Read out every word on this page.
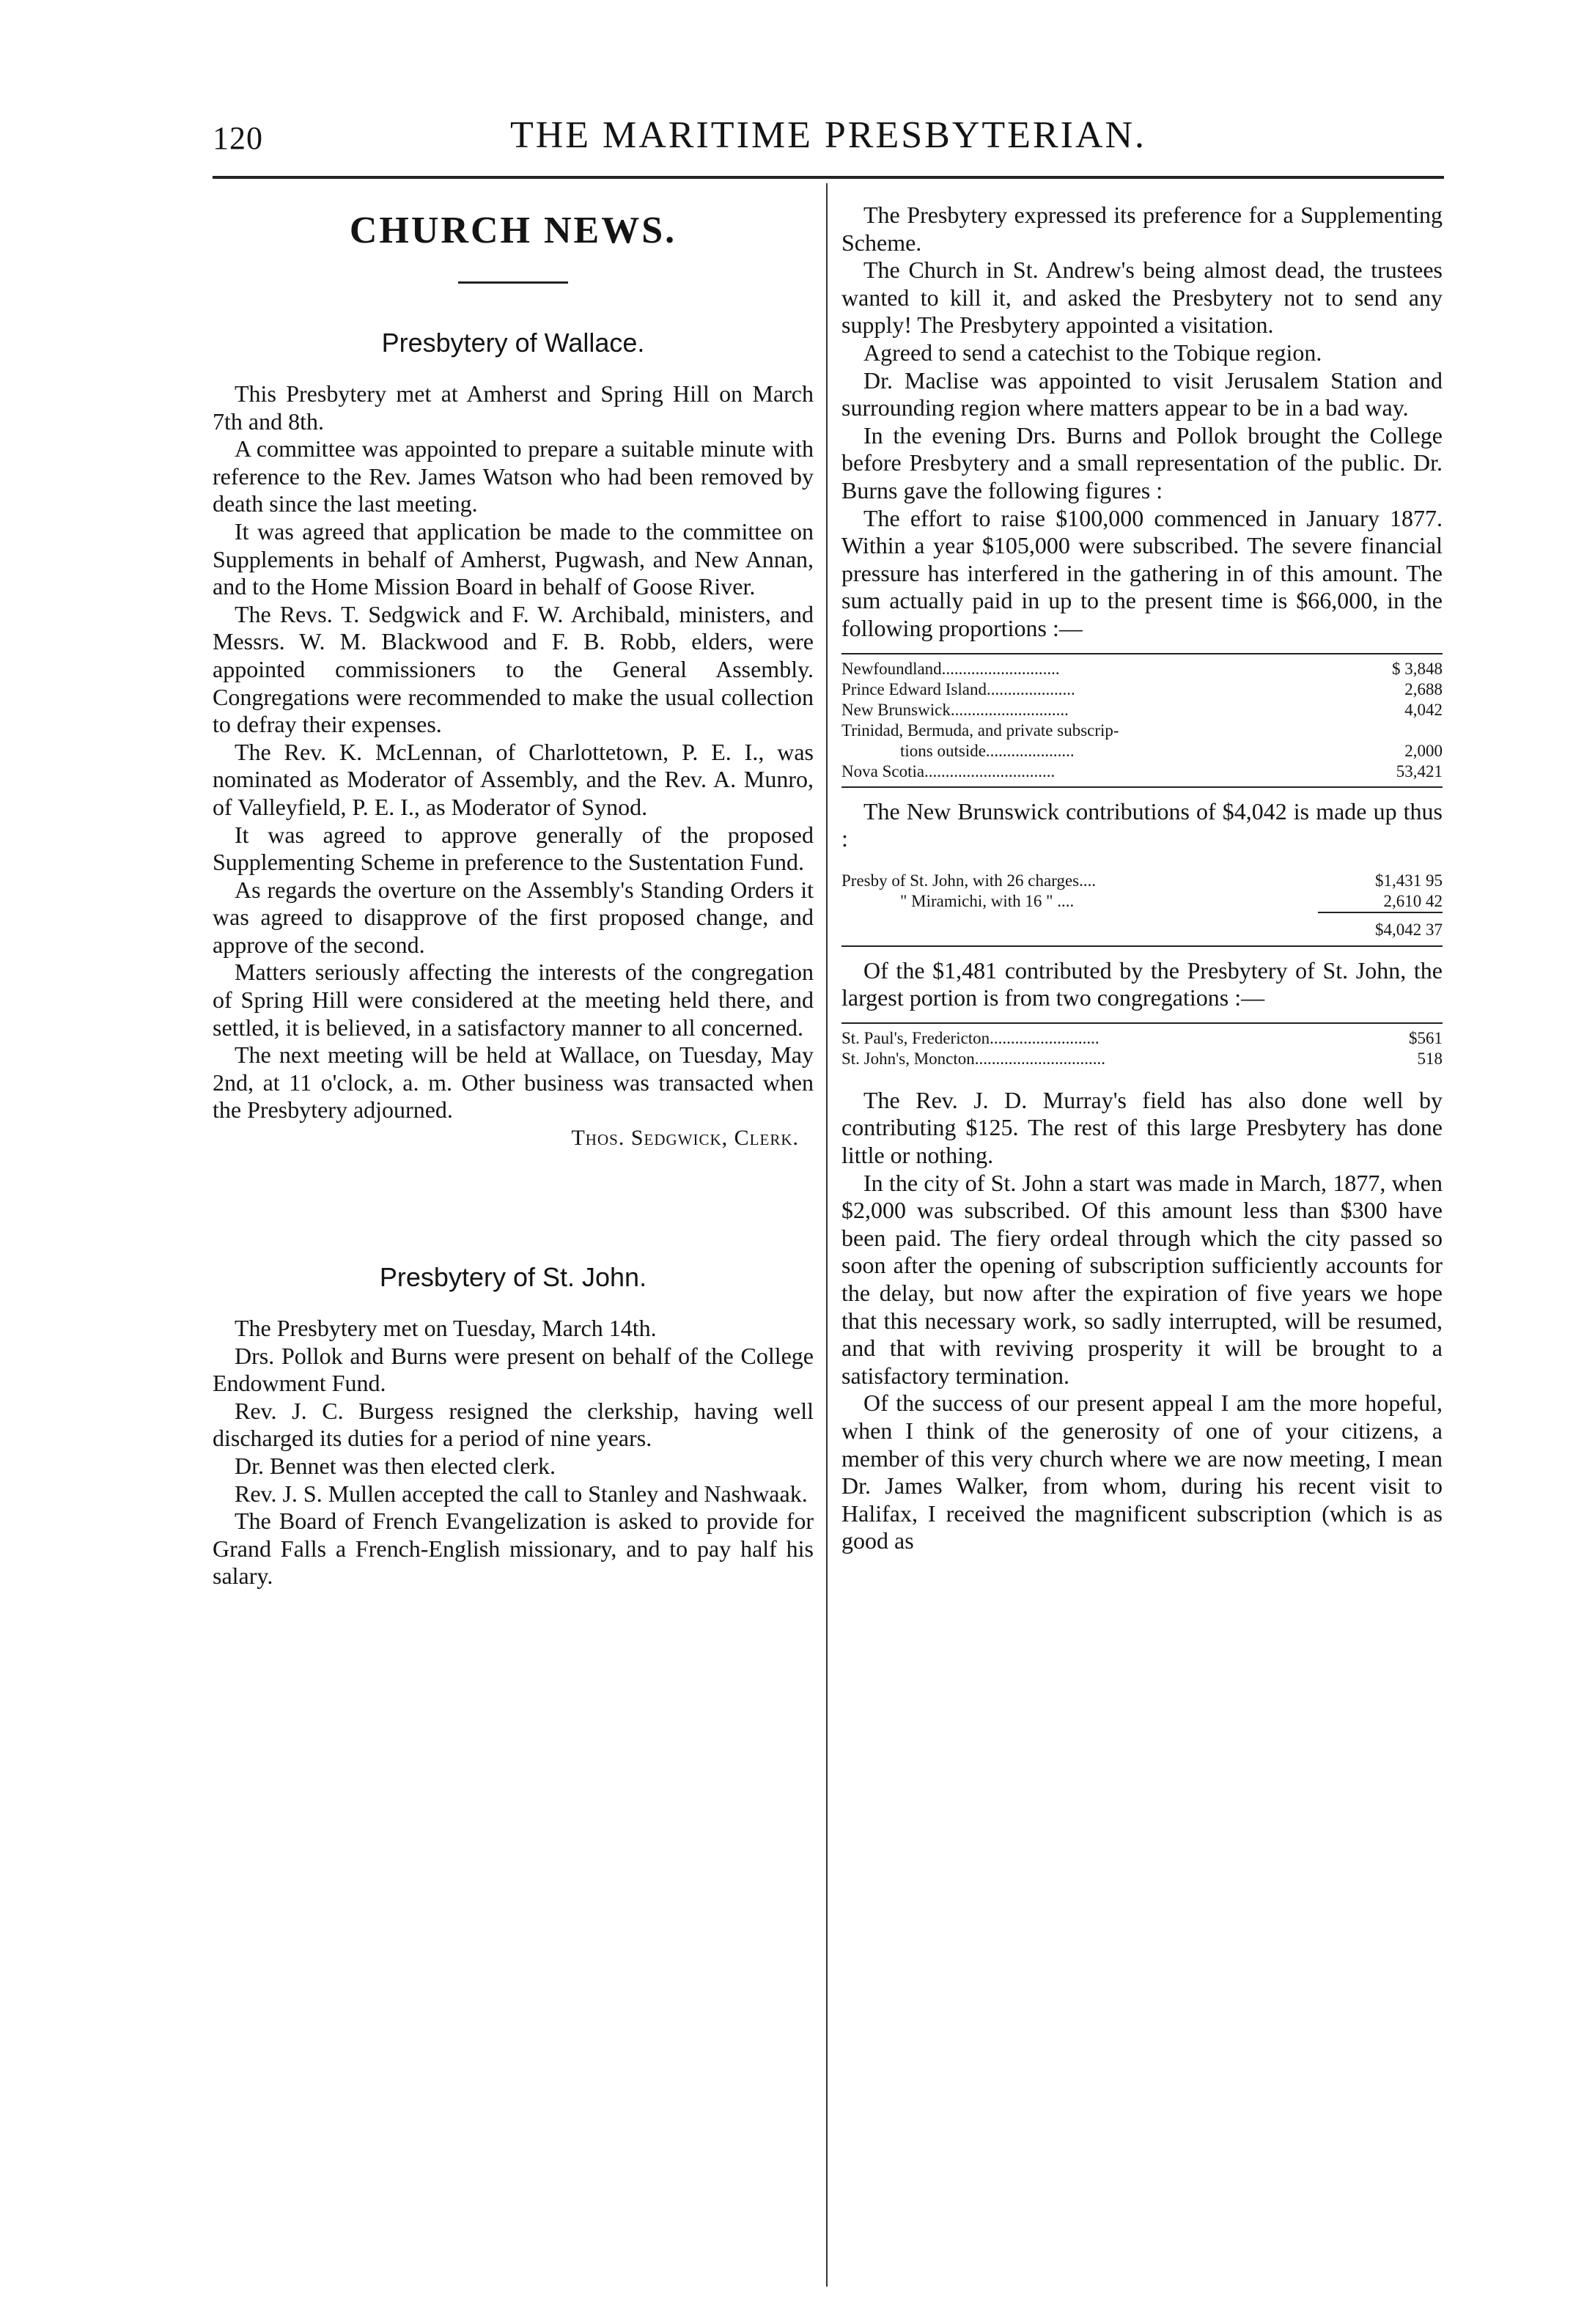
120	THE MARITIME PRESBYTERIAN.
CHURCH NEWS.
Presbytery of Wallace.

This Presbytery met at Amherst and Spring Hill on March 7th and 8th.

A committee was appointed to prepare a suitable minute with reference to the Rev. James Watson who had been removed by death since the last meeting.

It was agreed that application be made to the committee on Supplements in behalf of Amherst, Pugwash, and New Annan, and to the Home Mission Board in behalf of Goose River.

The Revs. T. Sedgwick and F. W. Archibald, ministers, and Messrs. W. M. Blackwood and F. B. Robb, elders, were appointed commissioners to the General Assembly. Congregations were recommended to make the usual collection to defray their expenses.

The Rev. K. McLennan, of Charlottetown, P. E. I., was nominated as Moderator of Assembly, and the Rev. A. Munro, of Valleyfield, P. E. I., as Moderator of Synod.

It was agreed to approve generally of the proposed Supplementing Scheme in preference to the Sustentation Fund.

As regards the overture on the Assembly's Standing Orders it was agreed to disapprove of the first proposed change, and approve of the second.

Matters seriously affecting the interests of the congregation of Spring Hill were considered at the meeting held there, and settled, it is believed, in a satisfactory manner to all concerned.

The next meeting will be held at Wallace, on Tuesday, May 2nd, at 11 o'clock, a. m. Other business was transacted when the Presbytery adjourned.

Thos. Sedgwick, Clerk.
Presbytery of St. John.

The Presbytery met on Tuesday, March 14th.

Drs. Pollok and Burns were present on behalf of the College Endowment Fund.

Rev. J. C. Burgess resigned the clerkship, having well discharged its duties for a period of nine years.

Dr. Bennet was then elected clerk.

Rev. J. S. Mullen accepted the call to Stanley and Nashwaak.

The Board of French Evangelization is asked to provide for Grand Falls a French-English missionary, and to pay half his salary.

The Presbytery expressed its preference for a Supplementing Scheme.

The Church in St. Andrew's being almost dead, the trustees wanted to kill it, and asked the Presbytery not to send any supply! The Presbytery appointed a visitation.

Agreed to send a catechist to the Tobique region.

Dr. Maclise was appointed to visit Jerusalem Station and surrounding region where matters appear to be in a bad way.

In the evening Drs. Burns and Pollok brought the College before Presbytery and a small representation of the public. Dr. Burns gave the following figures :

The effort to raise $100,000 commenced in January 1877. Within a year $105,000 were subscribed. The severe financial pressure has interfered in the gathering in of this amount. The sum actually paid in up to the present time is $66,000, in the following proportions :—

Newfoundland............................	$ 3,848
Prince Edward Island.....................	2,688
New Brunswick............................	4,042
Trinidad, Bermuda, and private subscrip-	
tions outside.....................	2,000
Nova Scotia...............................	53,421

The New Brunswick contributions of $4,042 is made up thus :

Presby of St. John, with 26 charges....	$1,431 95
" Miramichi, with 16 " ....	2,610 42
$4,042 37

Of the $1,481 contributed by the Presbytery of St. John, the largest portion is from two congregations :—

St. Paul's, Fredericton..........................	$561
St. John's, Moncton...............................	518

The Rev. J. D. Murray's field has also done well by contributing $125. The rest of this large Presbytery has done little or nothing.

In the city of St. John a start was made in March, 1877, when $2,000 was subscribed. Of this amount less than $300 have been paid. The fiery ordeal through which the city passed so soon after the opening of subscription sufficiently accounts for the delay, but now after the expiration of five years we hope that this necessary work, so sadly interrupted, will be resumed, and that with reviving prosperity it will be brought to a satisfactory termination.

Of the success of our present appeal I am the more hopeful, when I think of the generosity of one of your citizens, a member of this very church where we are now meeting, I mean Dr. James Walker, from whom, during his recent visit to Halifax, I received the magnificent subscription (which is as good as
